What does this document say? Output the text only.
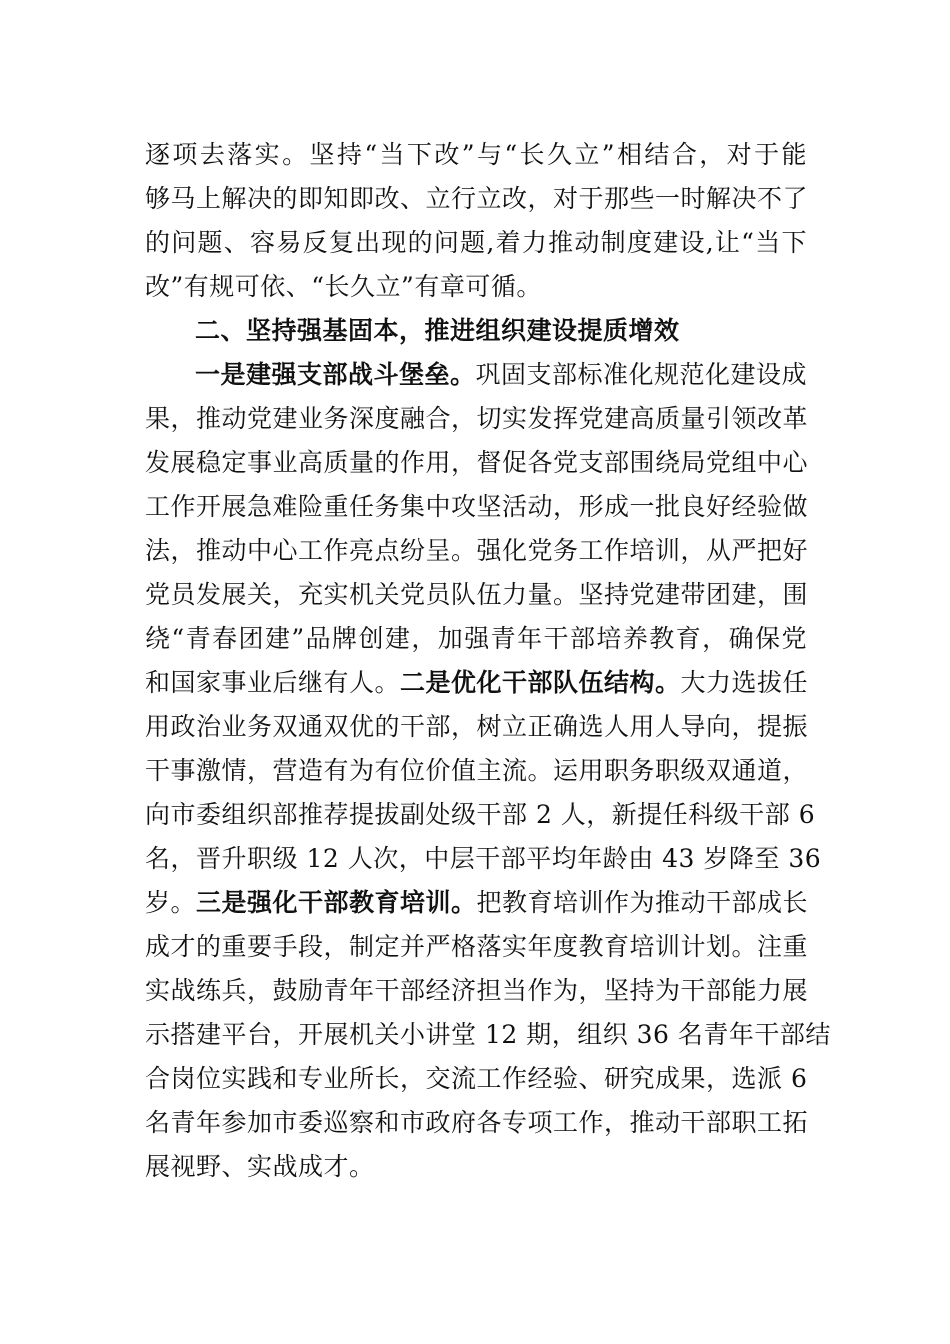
逐项去落实。坚持“当下改”与“长久立”相结合，对于能
够马上解决的即知即改、立行立改，对于那些一时解决不了
的问题、容易反复出现的问题,着力推动制度建设,让“当下
改”有规可依、“长久立”有章可循。
二、坚持强基固本，推进组织建设提质增效
一是建强支部战斗堡垒。巩固支部标准化规范化建设成
果，推动党建业务深度融合，切实发挥党建高质量引领改革
发展稳定事业高质量的作用，督促各党支部围绕局党组中心
工作开展急难险重任务集中攻坚活动，形成一批良好经验做
法，推动中心工作亮点纷呈。强化党务工作培训，从严把好
党员发展关，充实机关党员队伍力量。坚持党建带团建，围
绕“青春团建”品牌创建，加强青年干部培养教育，确保党
和国家事业后继有人。二是优化干部队伍结构。大力选拔任
用政治业务双通双优的干部，树立正确选人用人导向，提振
干事激情，营造有为有位价值主流。运用职务职级双通道，
向市委组织部推荐提拔副处级干部 2 人，新提任科级干部 6
名，晋升职级 12 人次，中层干部平均年龄由 43 岁降至 36
岁。三是强化干部教育培训。把教育培训作为推动干部成长
成才的重要手段，制定并严格落实年度教育培训计划。注重
实战练兵，鼓励青年干部经济担当作为，坚持为干部能力展
示搭建平台，开展机关小讲堂 12 期，组织 36 名青年干部结
合岗位实践和专业所长，交流工作经验、研究成果，选派 6
名青年参加市委巡察和市政府各专项工作，推动干部职工拓
展视野、实战成才。
